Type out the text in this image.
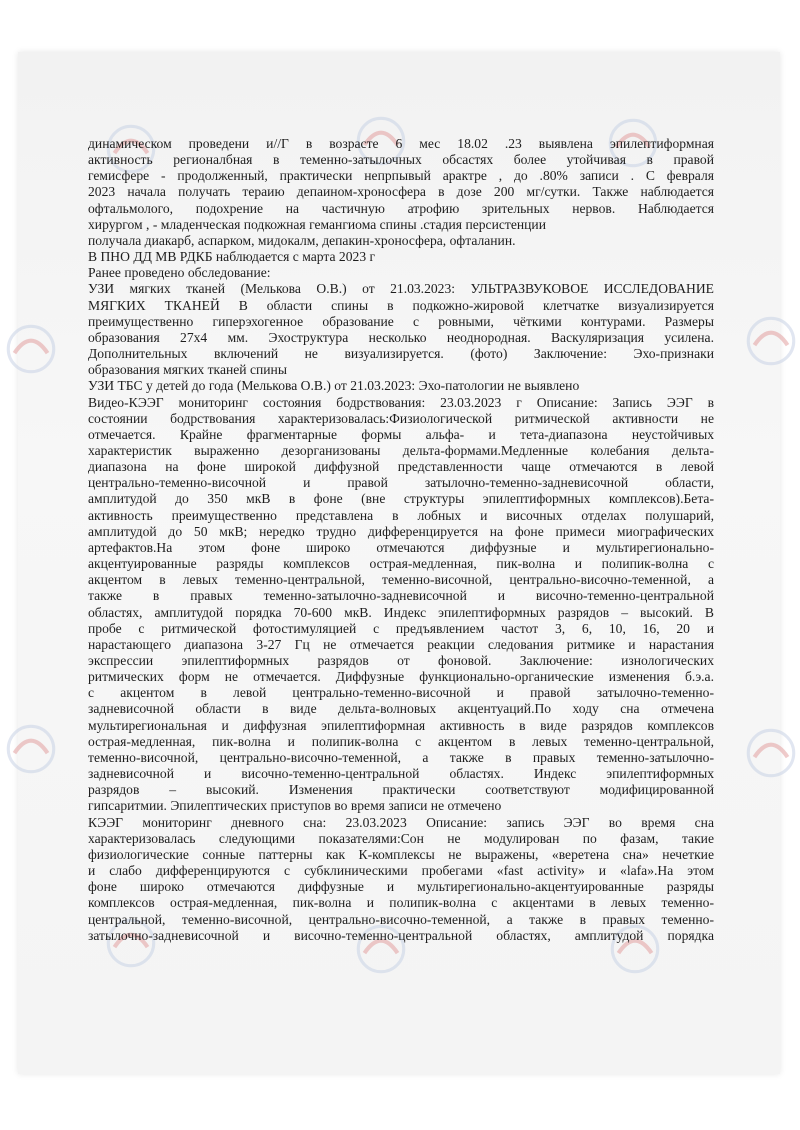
динамическом проведени и//Г в возрасте 6 мес 18.02 .23 выявлена эпилептиформная
активность регионалбная в теменно-затылочных обсастях более утойчивая в правой
гемисфере - продолженный, практически непрпывый арактре , до .80% записи . С февраля
2023 начала получать тераию депаином-хроносфера в дозе 200 мг/сутки. Также наблюдается
офтальмолого, подохрение на частичную атрофию зрительных нервов. Наблюдается
хирургом , - младенческая подкожная гемангиома спины .стадия персистенции
получала диакарб, аспарком, мидокалм, депакин-хроносфера, офталанин.
В ПНО ДД МВ РДКБ наблюдается с марта 2023 г
Ранее проведено обследование:
УЗИ мягких тканей (Мелькова О.В.) от 21.03.2023: УЛЬТРАЗВУКОВОЕ ИССЛЕДОВАНИЕ
МЯГКИХ ТКАНЕЙ В области спины в подкожно-жировой клетчатке визуализируется
преимущественно гиперэхогенное образование с ровными, чёткими контурами. Размеры
образования 27х4 мм. Эхоструктура несколько неоднородная. Васкуляризация усилена.
Дополнительных включений не визуализируется. (фото) Заключение: Эхо-признаки
образования мягких тканей спины
УЗИ ТБС у детей до года (Мелькова О.В.) от 21.03.2023: Эхо-патологии не выявлено
Видео-КЭЭГ мониторинг состояния бодрствования: 23.03.2023 г Описание: Запись ЭЭГ в
состоянии бодрствования характеризовалась:Физиологической ритмической активности не
отмечается. Крайне фрагментарные формы альфа- и тета-диапазона неустойчивых
характеристик выраженно дезорганизованы дельта-формами.Медленные колебания дельта-
диапазона на фоне широкой диффузной представленности чаще отмечаются в левой
центрально-теменно-височной и правой затылочно-теменно-задневисочной области,
амплитудой до 350 мкВ в фоне (вне структуры эпилептиформных комплексов).Бета-
активность преимущественно представлена в лобных и височных отделах полушарий,
амплитудой до 50 мкВ; нередко трудно дифференцируется на фоне примеси миографических
артефактов.На этом фоне широко отмечаются диффузные и мультирегионально-
акцентуированные разряды комплексов острая-медленная, пик-волна и полипик-волна с
акцентом в левых теменно-центральной, теменно-височной, центрально-височно-теменной, а
также в правых теменно-затылочно-задневисочной и височно-теменно-центральной
областях, амплитудой порядка 70-600 мкВ. Индекс эпилептиформных разрядов – высокий. В
пробе с ритмической фотостимуляцией с предъявлением частот 3, 6, 10, 16, 20 и
нарастающего диапазона 3-27 Гц не отмечается реакции следования ритмике и нарастания
экспрессии эпилептиформных разрядов от фоновой. Заключение: изнологических
ритмических форм не отмечается. Диффузные функционально-органические изменения б.э.а.
с акцентом в левой центрально-теменно-височной и правой затылочно-теменно-
задневисочной области в виде дельта-волновых акцентуаций.По ходу сна отмечена
мультирегиональная и диффузная эпилептиформная активность в виде разрядов комплексов
острая-медленная, пик-волна и полипик-волна с акцентом в левых теменно-центральной,
теменно-височной, центрально-височно-теменной, а также в правых теменно-затылочно-
задневисочной и височно-теменно-центральной областях. Индекс эпилептиформных
разрядов – высокий. Изменения практически соответствуют модифицированной
гипсаритмии. Эпилептических приступов во время записи не отмечено
КЭЭГ мониторинг дневного сна: 23.03.2023 Описание: запись ЭЭГ во время сна
характеризовалась следующими показателями:Сон не модулирован по фазам, такие
физиологические сонные паттерны как К-комплексы не выражены, «веретена сна» нечеткие
и слабо дифференцируются с субклиническими пробегами «fast activity» и «lafa».На этом
фоне широко отмечаются диффузные и мультирегионально-акцентуированные разряды
комплексов острая-медленная, пик-волна и полипик-волна с акцентами в левых теменно-
центральной, теменно-височной, центрально-височно-теменной, а также в правых теменно-
затылочно-задневисочной и височно-теменно-центральной областях, амплитудой порядка
